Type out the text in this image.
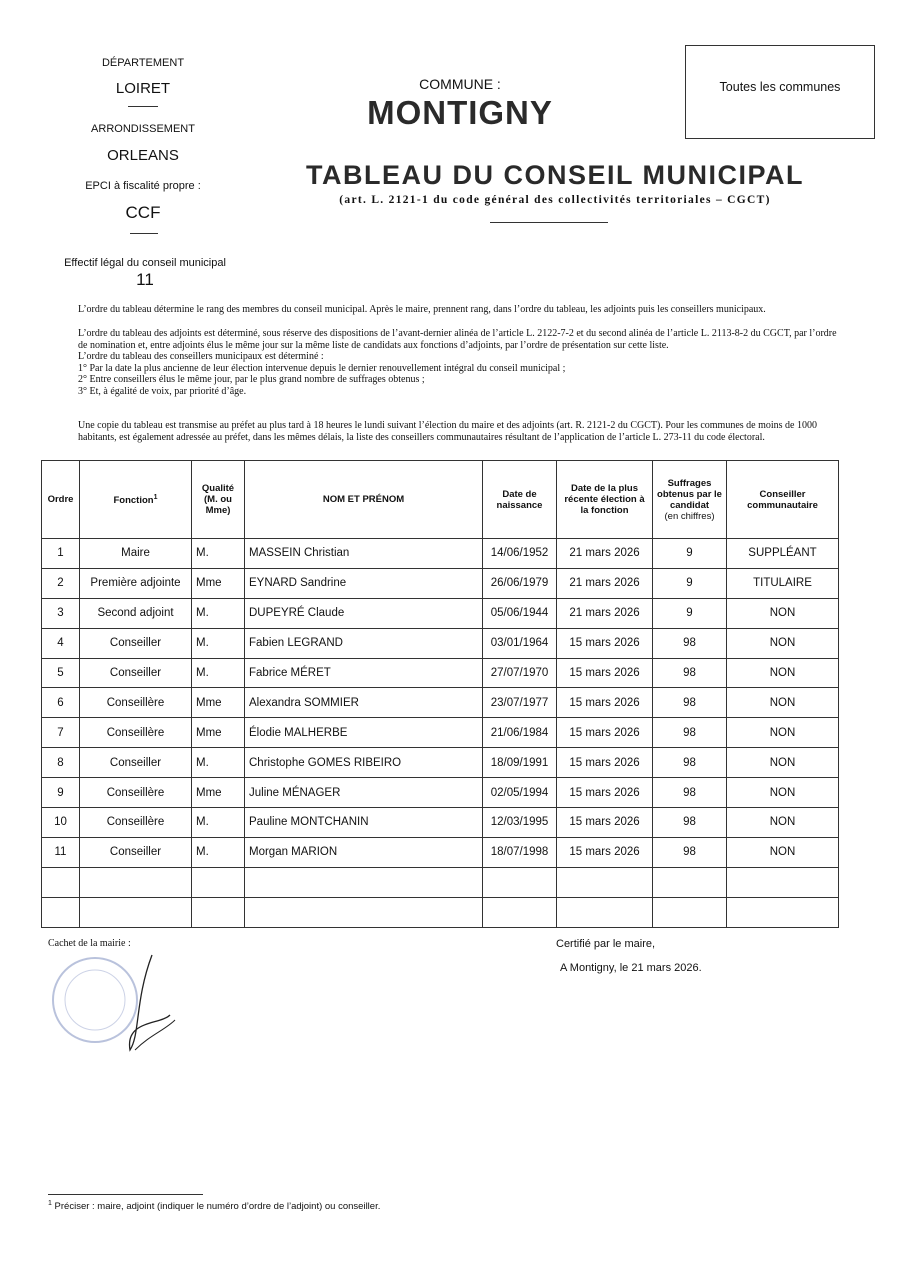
DÉPARTEMENT
LOIRET
ARRONDISSEMENT
ORLEANS
EPCI à fiscalité propre :
CCF
COMMUNE :
MONTIGNY
Toutes les communes
TABLEAU DU CONSEIL MUNICIPAL
(art. L. 2121-1 du code général des collectivités territoriales – CGCT)
Effectif légal du conseil municipal
11
L’ordre du tableau détermine le rang des membres du conseil municipal. Après le maire, prennent rang, dans l’ordre du tableau, les adjoints puis les conseillers municipaux.
L’ordre du tableau des adjoints est déterminé, sous réserve des dispositions de l’avant-dernier alinéa de l’article L. 2122-7-2 et du second alinéa de l’article L. 2113-8-2 du CGCT, par l’ordre de nomination et, entre adjoints élus le même jour sur la même liste de candidats aux fonctions d’adjoints, par l’ordre de présentation sur cette liste.
L’ordre du tableau des conseillers municipaux est déterminé :
1° Par la date la plus ancienne de leur élection intervenue depuis le dernier renouvellement intégral du conseil municipal ;
2° Entre conseillers élus le même jour, par le plus grand nombre de suffrages obtenus ;
3° Et, à égalité de voix, par priorité d’âge.
Une copie du tableau est transmise au préfet au plus tard à 18 heures le lundi suivant l’élection du maire et des adjoints (art. R. 2121-2 du CGCT). Pour les communes de moins de 1000 habitants, est également adressée au préfet, dans les mêmes délais, la liste des conseillers communautaires résultant de l’application de l’article L. 273-11 du code électoral.
Ordre	Fonction$^1$	Qualité (M. ou Mme)	NOM ET PRÉNOM	Date de naissance	Date de la plus récente élection à la fonction	Suffrages obtenus par le candidat
(en chiffres)	Conseiller communautaire
1	Maire	M.	MASSEIN Christian	14/06/1952	21 mars 2026	9	SUPPLÉANT
2	Première adjointe	Mme	EYNARD Sandrine	26/06/1979	21 mars 2026	9	TITULAIRE
3	Second adjoint	M.	DUPEYRÉ Claude	05/06/1944	21 mars 2026	9	NON
4	Conseiller	M.	Fabien LEGRAND	03/01/1964	15 mars 2026	98	NON
5	Conseiller	M.	Fabrice MÉRET	27/07/1970	15 mars 2026	98	NON
6	Conseillère	Mme	Alexandra SOMMIER	23/07/1977	15 mars 2026	98	NON
7	Conseillère	Mme	Élodie MALHERBE	21/06/1984	15 mars 2026	98	NON
8	Conseiller	M.	Christophe GOMES RIBEIRO	18/09/1991	15 mars 2026	98	NON
9	Conseillère	Mme	Juline MÉNAGER	02/05/1994	15 mars 2026	98	NON
10	Conseillère	M.	Pauline MONTCHANIN	12/03/1995	15 mars 2026	98	NON
11	Conseiller	M.	Morgan MARION	18/07/1998	15 mars 2026	98	NON

Cachet de la mairie :	Certifié par le maire,
A Montigny, le 21 mars 2026.
$^1$ Préciser : maire, adjoint (indiquer le numéro d’ordre de l’adjoint) ou conseiller.
